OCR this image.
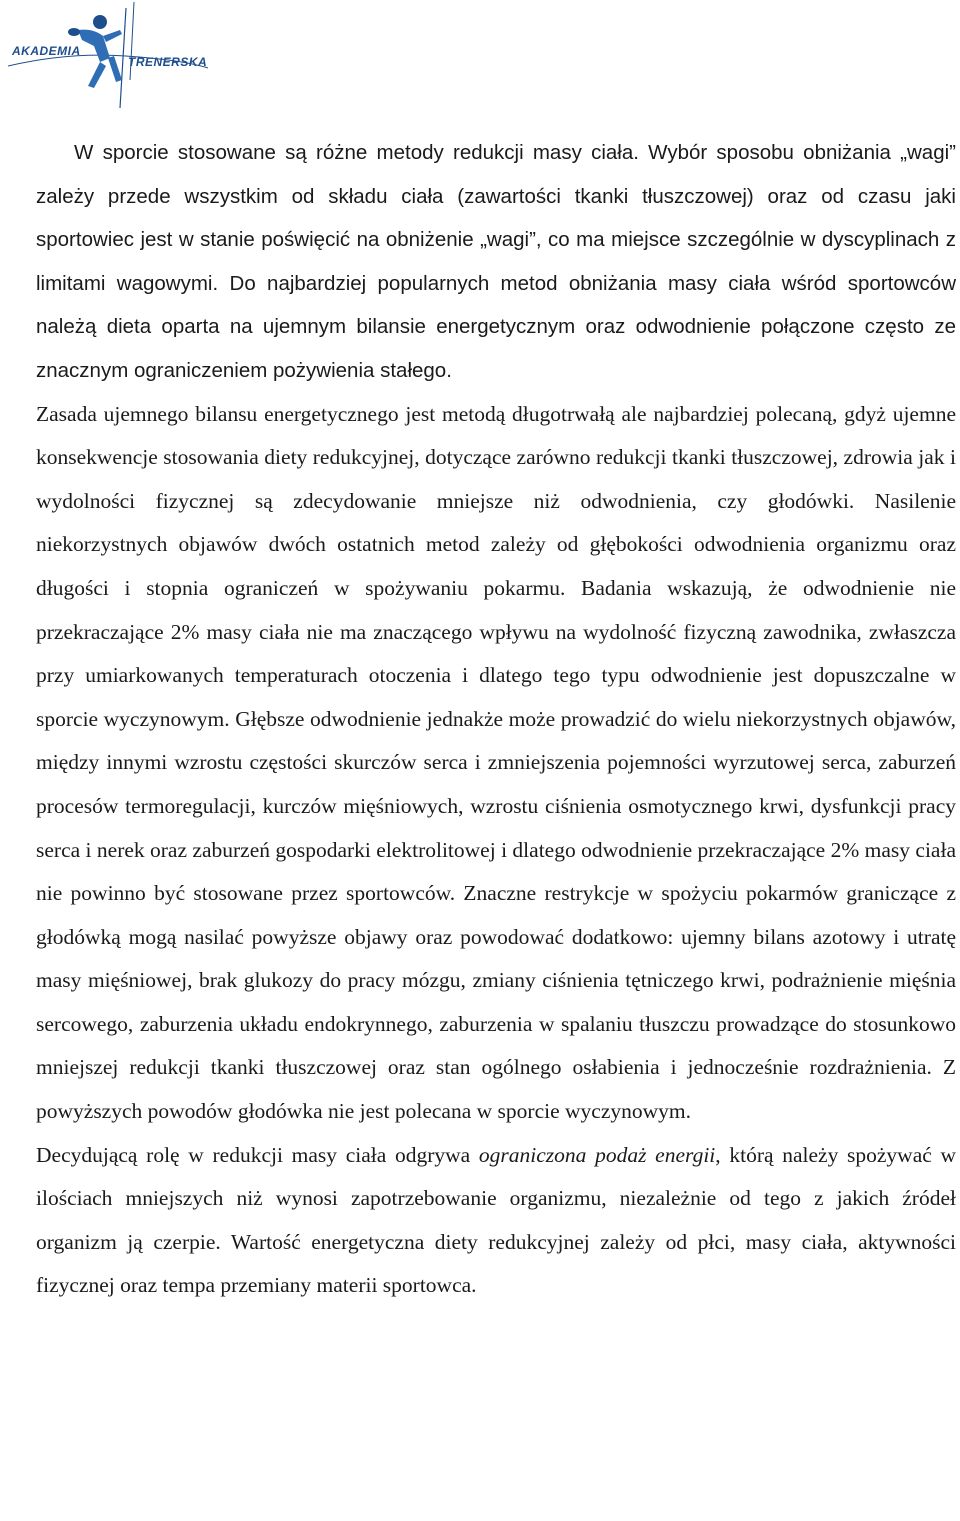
AKADEMIA
TRENERSKA

W sporcie stosowane są różne metody redukcji masy ciała. Wybór sposobu obniżania „wagi” zależy przede wszystkim od składu ciała (zawartości tkanki tłuszczowej) oraz od czasu jaki sportowiec jest w stanie poświęcić na obniżenie „wagi”, co ma miejsce szczególnie w dyscyplinach z limitami wagowymi. Do najbardziej popularnych metod obniżania masy ciała wśród sportowców należą dieta oparta na ujemnym bilansie energetycznym oraz odwodnienie połączone często ze znacznym ograniczeniem pożywienia stałego.

Zasada ujemnego bilansu energetycznego jest metodą długotrwałą ale najbardziej polecaną, gdyż ujemne konsekwencje stosowania diety redukcyjnej, dotyczące zarówno redukcji tkanki tłuszczowej, zdrowia jak i wydolności fizycznej są zdecydowanie mniejsze niż odwodnienia, czy głodówki. Nasilenie niekorzystnych objawów dwóch ostatnich metod zależy od głębokości odwodnienia organizmu oraz długości i stopnia ograniczeń w spożywaniu pokarmu. Badania wskazują, że odwodnienie nie przekraczające 2% masy ciała nie ma znaczącego wpływu na wydolność fizyczną zawodnika, zwłaszcza przy umiarkowanych temperaturach otoczenia i dlatego tego typu odwodnienie jest dopuszczalne w sporcie wyczynowym. Głębsze odwodnienie jednakże może prowadzić do wielu niekorzystnych objawów, między innymi wzrostu częstości skurczów serca i zmniejszenia pojemności wyrzutowej serca, zaburzeń procesów termoregulacji, kurczów mięśniowych, wzrostu ciśnienia osmotycznego krwi, dysfunkcji pracy serca i nerek oraz zaburzeń gospodarki elektrolitowej i dlatego odwodnienie przekraczające 2% masy ciała nie powinno być stosowane przez sportowców. Znaczne restrykcje w spożyciu pokarmów graniczące z głodówką mogą nasilać powyższe objawy oraz powodować dodatkowo: ujemny bilans azotowy i utratę masy mięśniowej, brak glukozy do pracy mózgu, zmiany ciśnienia tętniczego krwi, podrażnienie mięśnia sercowego, zaburzenia układu endokrynnego, zaburzenia w spalaniu tłuszczu prowadzące do stosunkowo mniejszej redukcji tkanki tłuszczowej oraz stan ogólnego osłabienia i jednocześnie rozdrażnienia. Z powyższych powodów głodówka nie jest polecana w sporcie wyczynowym.

Decydującą rolę w redukcji masy ciała odgrywa ograniczona podaż energii, którą należy spożywać w ilościach mniejszych niż wynosi zapotrzebowanie organizmu, niezależnie od tego z jakich źródeł organizm ją czerpie. Wartość energetyczna diety redukcyjnej zależy od płci, masy ciała, aktywności fizycznej oraz tempa przemiany materii sportowca.
